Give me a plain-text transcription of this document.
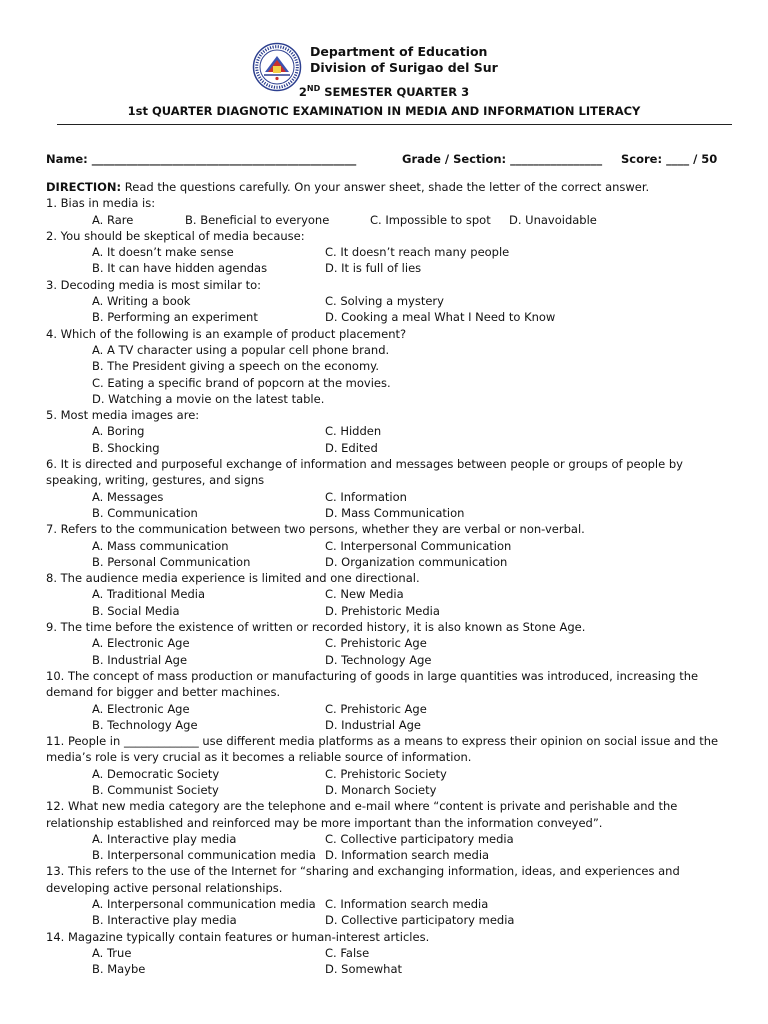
Department of Education
Division of Surigao del Sur
2ND SEMESTER QUARTER 3
1st QUARTER DIAGNOTIC EXAMINATION IN MEDIA AND INFORMATION LITERACY
Name: ______________________________________________	Grade / Section: ________________ Score: ____ / 50
DIRECTION: Read the questions carefully. On your answer sheet, shade the letter of the correct answer.
1. Bias in media is:
A. Rare	B. Beneficial to everyone	C. Impossible to spot D. Unavoidable
2. You should be skeptical of media because:
A. It doesn’t make sense	C. It doesn’t reach many people
B. It can have hidden agendas	D. It is full of lies
3. Decoding media is most similar to:
A. Writing a book	C. Solving a mystery
B. Performing an experiment	D. Cooking a meal What I Need to Know
4. Which of the following is an example of product placement?
A. A TV character using a popular cell phone brand.
B. The President giving a speech on the economy.
C. Eating a specific brand of popcorn at the movies.
D. Watching a movie on the latest table.
5. Most media images are:
A. Boring	C. Hidden
B. Shocking	D. Edited
6. It is directed and purposeful exchange of information and messages between people or groups of people by speaking, writing, gestures, and signs
A. Messages	C. Information
B. Communication	D. Mass Communication
7. Refers to the communication between two persons, whether they are verbal or non-verbal.
A. Mass communication	C. Interpersonal Communication
B. Personal Communication	D. Organization communication
8. The audience media experience is limited and one directional.
A. Traditional Media	C. New Media
B. Social Media	D. Prehistoric Media
9. The time before the existence of written or recorded history, it is also known as Stone Age.
A. Electronic Age	C. Prehistoric Age
B. Industrial Age	D. Technology Age
10. The concept of mass production or manufacturing of goods in large quantities was introduced, increasing the demand for bigger and better machines.
A. Electronic Age	C. Prehistoric Age
B. Technology Age	D. Industrial Age
11. People in _____________ use different media platforms as a means to express their opinion on social issue and the media’s role is very crucial as it becomes a reliable source of information.
A. Democratic Society	C. Prehistoric Society
B. Communist Society	D. Monarch Society
12. What new media category are the telephone and e-mail where “content is private and perishable and the relationship established and reinforced may be more important than the information conveyed”.
A. Interactive play media	C. Collective participatory media
B. Interpersonal communication media D. Information search media
13. This refers to the use of the Internet for “sharing and exchanging information, ideas, and experiences and developing active personal relationships.
A. Interpersonal communication media C. Information search media
B. Interactive play media	D. Collective participatory media
14. Magazine typically contain features or human-interest articles.
A. True	C. False
B. Maybe	D. Somewhat
